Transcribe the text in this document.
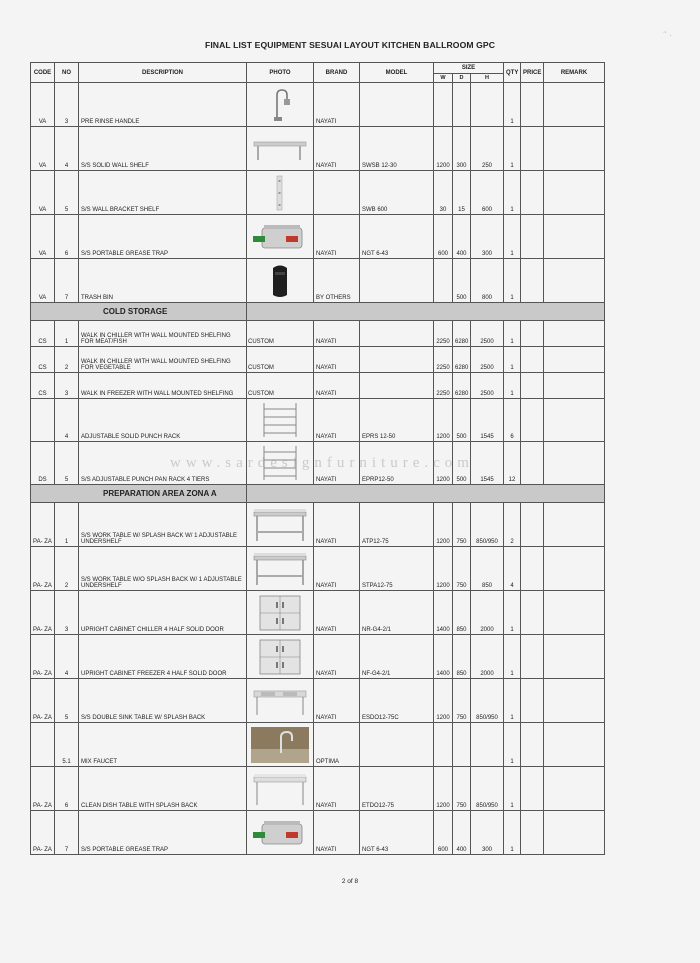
˜ ·
FINAL LIST EQUIPMENT SESUAI LAYOUT KITCHEN BALLROOM GPC
CODE	NO	DESCRIPTION	PHOTO	BRAND	MODEL	SIZE			QTY	PRICE	REMARK
						W	D	H			
VA	3	PRE RINSE HANDLE		NAYATI					1		
VA	4	S/S SOLID WALL SHELF		NAYATI	SWSB 12-30	1200	300	250	1		
VA	5	S/S WALL BRACKET SHELF			SWB 600	30	15	600	1		
VA	6	S/S PORTABLE GREASE TRAP		NAYATI	NGT 6-43	600	400	300	1		
VA	7	TRASH BIN		BY OTHERS			500	800	1		
COLD STORAGE											
CS	1	WALK IN CHILLER WITH WALL MOUNTED SHELFING FOR MEAT/FISH	CUSTOM	NAYATI		2250	6280	2500	1		
CS	2	WALK IN CHILLER WITH WALL MOUNTED SHELFING FOR VEGETABLE	CUSTOM	NAYATI		2250	6280	2500	1		
CS	3	WALK IN FREEZER WITH WALL MOUNTED SHELFING	CUSTOM	NAYATI		2250	6280	2500	1		
	4	ADJUSTABLE SOLID PUNCH RACK		NAYATI	EPRS 12-50	1200	500	1545	6		
DS	5	S/S ADJUSTABLE PUNCH PAN RACK 4 TIERS		NAYATI	EPRP12-50	1200	500	1545	12		
PREPARATION AREA ZONA A											
PA- ZA	1	S/S WORK TABLE W/ SPLASH BACK W/ 1 ADJUSTABLE UNDERSHELF		NAYATI	ATP12-75	1200	750	850/950	2		
PA- ZA	2	S/S WORK TABLE W/O SPLASH BACK W/ 1 ADJUSTABLE UNDERSHELF		NAYATI	STPA12-75	1200	750	850	4		
PA- ZA	3	UPRIGHT CABINET CHILLER 4 HALF SOLID DOOR		NAYATI	NR-G4-2/1	1400	850	2000	1		
PA- ZA	4	UPRIGHT CABINET FREEZER 4 HALF SOLID DOOR		NAYATI	NF-G4-2/1	1400	850	2000	1		
PA- ZA	5	S/S DOUBLE SINK TABLE W/ SPLASH BACK		NAYATI	ESDO12-75C	1200	750	850/950	1		
	5.1	MIX FAUCET		OPTIMA					1		
PA- ZA	6	CLEAN DISH TABLE WITH SPLASH BACK		NAYATI	ETDO12-75	1200	750	850/950	1		
PA- ZA	7	S/S PORTABLE GREASE TRAP		NAYATI	NGT 6-43	600	400	300	1		
www.sardesignfurniture.com
2 of 8
